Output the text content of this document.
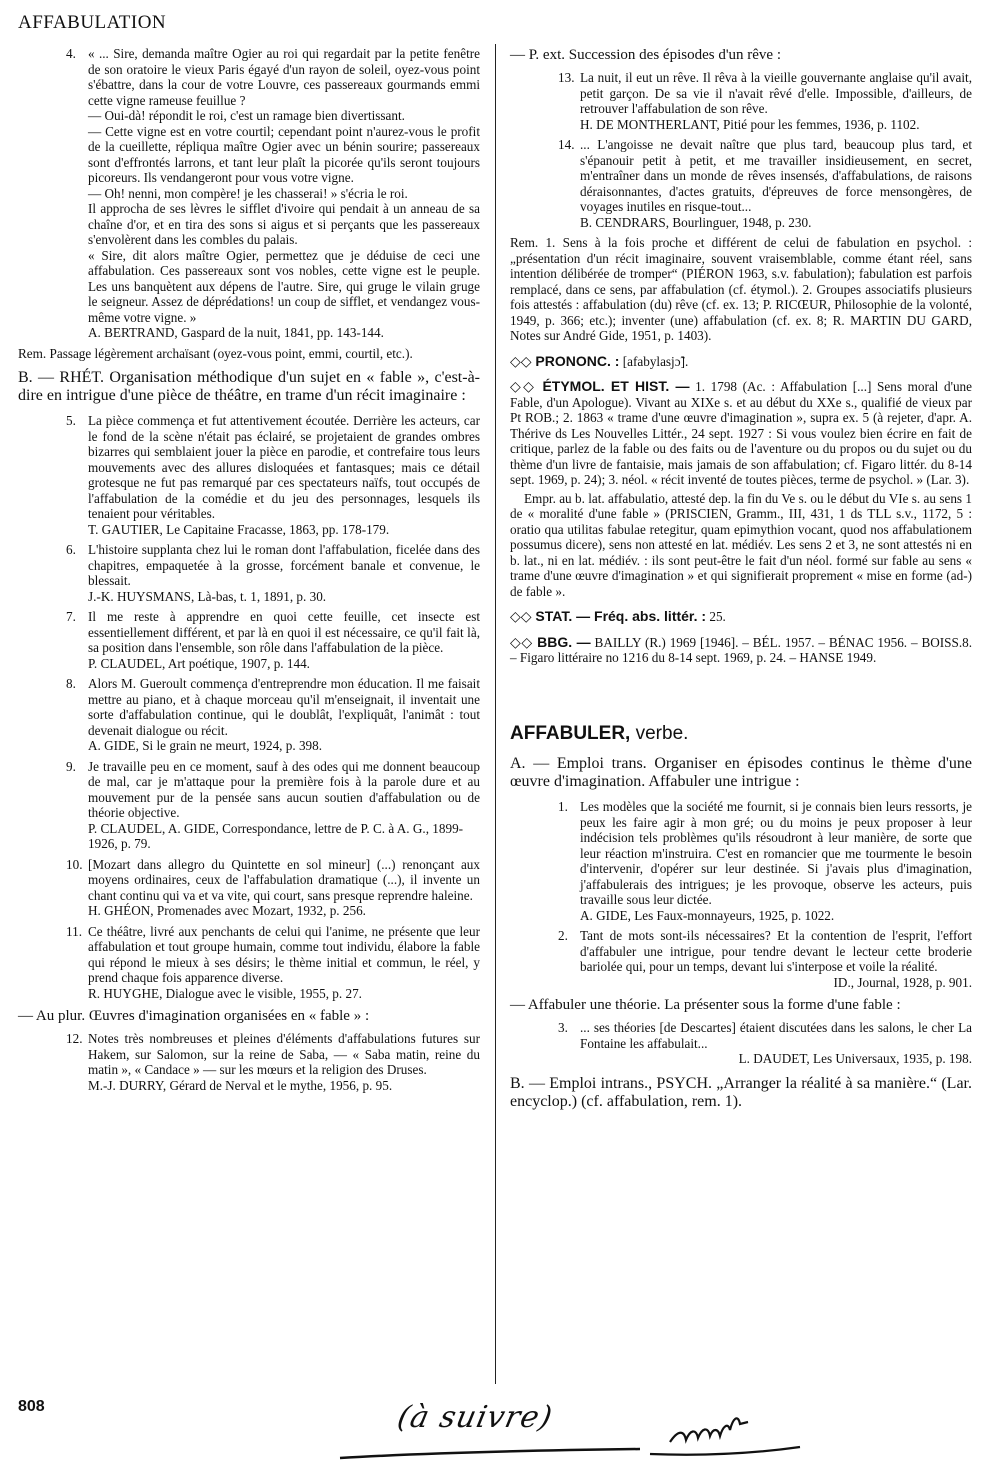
AFFABULATION
4. « ... Sire, demanda maître Ogier au roi qui regardait par la petite fenêtre de son oratoire le vieux Paris égayé d'un rayon de soleil, oyez-vous point s'ébattre, dans la cour de votre Louvre, ces passereaux gourmands emmi cette vigne rameuse feuillue ?

— Oui-dà! répondit le roi, c'est un ramage bien divertissant.

— Cette vigne est en votre courtil; cependant point n'aurez-vous le profit de la cueillette, répliqua maître Ogier avec un bénin sourire; passereaux sont d'effrontés larrons, et tant leur plaît la picorée qu'ils seront toujours picoreurs. Ils vendangeront pour vous votre vigne.

— Oh! nenni, mon compère! je les chasserai! » s'écria le roi.

Il approcha de ses lèvres le sifflet d'ivoire qui pendait à un anneau de sa chaîne d'or, et en tira des sons si aigus et si perçants que les passereaux s'envolèrent dans les combles du palais.

« Sire, dit alors maître Ogier, permettez que je déduise de ceci une affabulation. Ces passereaux sont vos nobles, cette vigne est le peuple. Les uns banquètent aux dépens de l'autre. Sire, qui gruge le vilain gruge le seigneur. Assez de déprédations! un coup de sifflet, et vendangez vous-même votre vigne. »

A. BERTRAND, Gaspard de la nuit, 1841, pp. 143-144.
Rem. Passage légèrement archaïsant (oyez-vous point, emmi, courtil, etc.).
B. — RHÉT. Organisation méthodique d'un sujet en « fable », c'est-à-dire en intrigue d'une pièce de théâtre, en trame d'un récit imaginaire :
5. La pièce commença et fut attentivement écoutée. Derrière les acteurs, car le fond de la scène n'était pas éclairé, se projetaient de grandes ombres bizarres qui semblaient jouer la pièce en parodie, et contrefaire tous leurs mouvements avec des allures disloquées et fantasques; mais ce détail grotesque ne fut pas remarqué par ces spectateurs naïfs, tout occupés de l'affabulation de la comédie et du jeu des personnages, lesquels ils tenaient pour véritables.

T. GAUTIER, Le Capitaine Fracasse, 1863, pp. 178-179.
6. L'histoire supplanta chez lui le roman dont l'affabulation, ficelée dans des chapitres, empaquetée à la grosse, forcément banale et convenue, le blessait.

J.-K. HUYSMANS, Là-bas, t. 1, 1891, p. 30.
7. Il me reste à apprendre en quoi cette feuille, cet insecte est essentiellement différent, et par là en quoi il est nécessaire, ce qu'il fait là, sa position dans l'ensemble, son rôle dans l'affabulation de la pièce.

P. CLAUDEL, Art poétique, 1907, p. 144.
8. Alors M. Gueroult commença d'entreprendre mon éducation. Il me faisait mettre au piano, et à chaque morceau qu'il m'enseignait, il inventait une sorte d'affabulation continue, qui le doublât, l'expliquât, l'animât : tout devenait dialogue ou récit.

A. GIDE, Si le grain ne meurt, 1924, p. 398.
9. Je travaille peu en ce moment, sauf à des odes qui me donnent beaucoup de mal, car je m'attaque pour la première fois à la parole dure et au mouvement pur de la pensée sans aucun soutien d'affabulation ou de théorie objective.

P. CLAUDEL, A. GIDE, Correspondance, lettre de P. C. à A. G., 1899-1926, p. 79.
10. [Mozart dans allegro du Quintette en sol mineur] (...) renonçant aux moyens ordinaires, ceux de l'affabulation dramatique (...), il invente un chant continu qui va et va vite, qui court, sans presque reprendre haleine.

H. GHÉON, Promenades avec Mozart, 1932, p. 256.
11. Ce théâtre, livré aux penchants de celui qui l'anime, ne présente que leur affabulation et tout groupe humain, comme tout individu, élabore la fable qui répond le mieux à ses désirs; le thème initial et commun, le réel, y prend chaque fois apparence diverse.

R. HUYGHE, Dialogue avec le visible, 1955, p. 27.
— Au plur. Œuvres d'imagination organisées en « fable » :
12. Notes très nombreuses et pleines d'éléments d'affabulations futures sur Hakem, sur Salomon, sur la reine de Saba, — « Saba matin, reine du matin », « Candace » — sur les mœurs et la religion des Druses.

M.-J. DURRY, Gérard de Nerval et le mythe, 1956, p. 95.
— P. ext. Succession des épisodes d'un rêve :
13. La nuit, il eut un rêve. Il rêva à la vieille gouvernante anglaise qu'il avait, petit garçon. De sa vie il n'avait rêvé d'elle. Impossible, d'ailleurs, de retrouver l'affabulation de son rêve.

H. DE MONTHERLANT, Pitié pour les femmes, 1936, p. 1102.
14. ... L'angoisse ne devait naître que plus tard, beaucoup plus tard, et s'épanouir petit à petit, et me travailler insidieusement, en secret, m'entraîner dans un monde de rêves insensés, d'affabulations, de raisons déraisonnantes, d'actes gratuits, d'épreuves de force mensongères, de voyages inutiles en risque-tout...

B. CENDRARS, Bourlinguer, 1948, p. 230.
Rem. 1. Sens à la fois proche et différent de celui de fabulation en psychol. : „présentation d'un récit imaginaire, souvent vraisemblable, comme étant réel, sans intention délibérée de tromper“ (PIÉRON 1963, s.v. fabulation); fabulation est parfois remplacé, dans ce sens, par affabulation (cf. étymol.). 2. Groupes associatifs plusieurs fois attestés : affabulation (du) rêve (cf. ex. 13; P. RICŒUR, Philosophie de la volonté, 1949, p. 366; etc.); inventer (une) affabulation (cf. ex. 8; R. MARTIN DU GARD, Notes sur André Gide, 1951, p. 1403).
◇◇ PRONONC. : [afabylasjɔ̃].
◇◇ ÉTYMOL. ET HIST. — 1. 1798 (Ac. : Affabulation [...] Sens moral d'une Fable, d'un Apologue). Vivant au XIXe s. et au début du XXe s., qualifié de vieux par Pt ROB.; 2. 1863 « trame d'une œuvre d'imagination », supra ex. 5 (à rejeter, d'apr. A. Thérive ds Les Nouvelles Littér., 24 sept. 1927 : Si vous voulez bien écrire en fait de critique, parlez de la fable ou des faits ou de l'aventure ou du propos ou du sujet ou du thème d'un livre de fantaisie, mais jamais de son affabulation; cf. Figaro littér. du 8-14 sept. 1969, p. 24); 3. néol. « récit inventé de toutes pièces, terme de psychol. » (Lar. 3).
Empr. au b. lat. affabulatio, attesté dep. la fin du Ve s. ou le début du VIe s. au sens 1 de « moralité d'une fable » (PRISCIEN, Gramm., III, 431, 1 ds TLL s.v., 1172, 5 : oratio qua utilitas fabulae retegitur, quam epimythion vocant, quod nos affabulationem possumus dicere), sens non attesté en lat. médiév. Les sens 2 et 3, ne sont attestés ni en b. lat., ni en lat. médiév. : ils sont peut-être le fait d'un néol. formé sur fable au sens « trame d'une œuvre d'imagination » et qui signifierait proprement « mise en forme (ad-) de fable ».
◇◇ STAT. — Fréq. abs. littér. : 25.
◇◇ BBG. — BAILLY (R.) 1969 [1946]. – BÉL. 1957. – BÉNAC 1956. – BOISS.8. – Figaro littéraire no 1216 du 8-14 sept. 1969, p. 24. – HANSE 1949.
AFFABULER, verbe.
A. — Emploi trans. Organiser en épisodes continus le thème d'une œuvre d'imagination. Affabuler une intrigue :
1. Les modèles que la société me fournit, si je connais bien leurs ressorts, je peux les faire agir à mon gré; ou du moins je peux proposer à leur indécision tels problèmes qu'ils résoudront à leur manière, de sorte que leur réaction m'instruira. C'est en romancier que me tourmente le besoin d'intervenir, d'opérer sur leur destinée. Si j'avais plus d'imagination, j'affabulerais des intrigues; je les provoque, observe les acteurs, puis travaille sous leur dictée.

A. GIDE, Les Faux-monnayeurs, 1925, p. 1022.
2. Tant de mots sont-ils nécessaires? Et la contention de l'esprit, l'effort d'affabuler une intrigue, pour tendre devant le lecteur cette broderie bariolée qui, pour un temps, devant lui s'interpose et voile la réalité.

ID., Journal, 1928, p. 901.
— Affabuler une théorie. La présenter sous la forme d'une fable :
3. ... ses théories [de Descartes] étaient discutées dans les salons, le cher La Fontaine les affabulait...

L. DAUDET, Les Universaux, 1935, p. 198.
B. — Emploi intrans., PSYCH. „Arranger la réalité à sa manière.“ (Lar. encyclop.) (cf. affabulation, rem. 1).
808	(à suivre)
